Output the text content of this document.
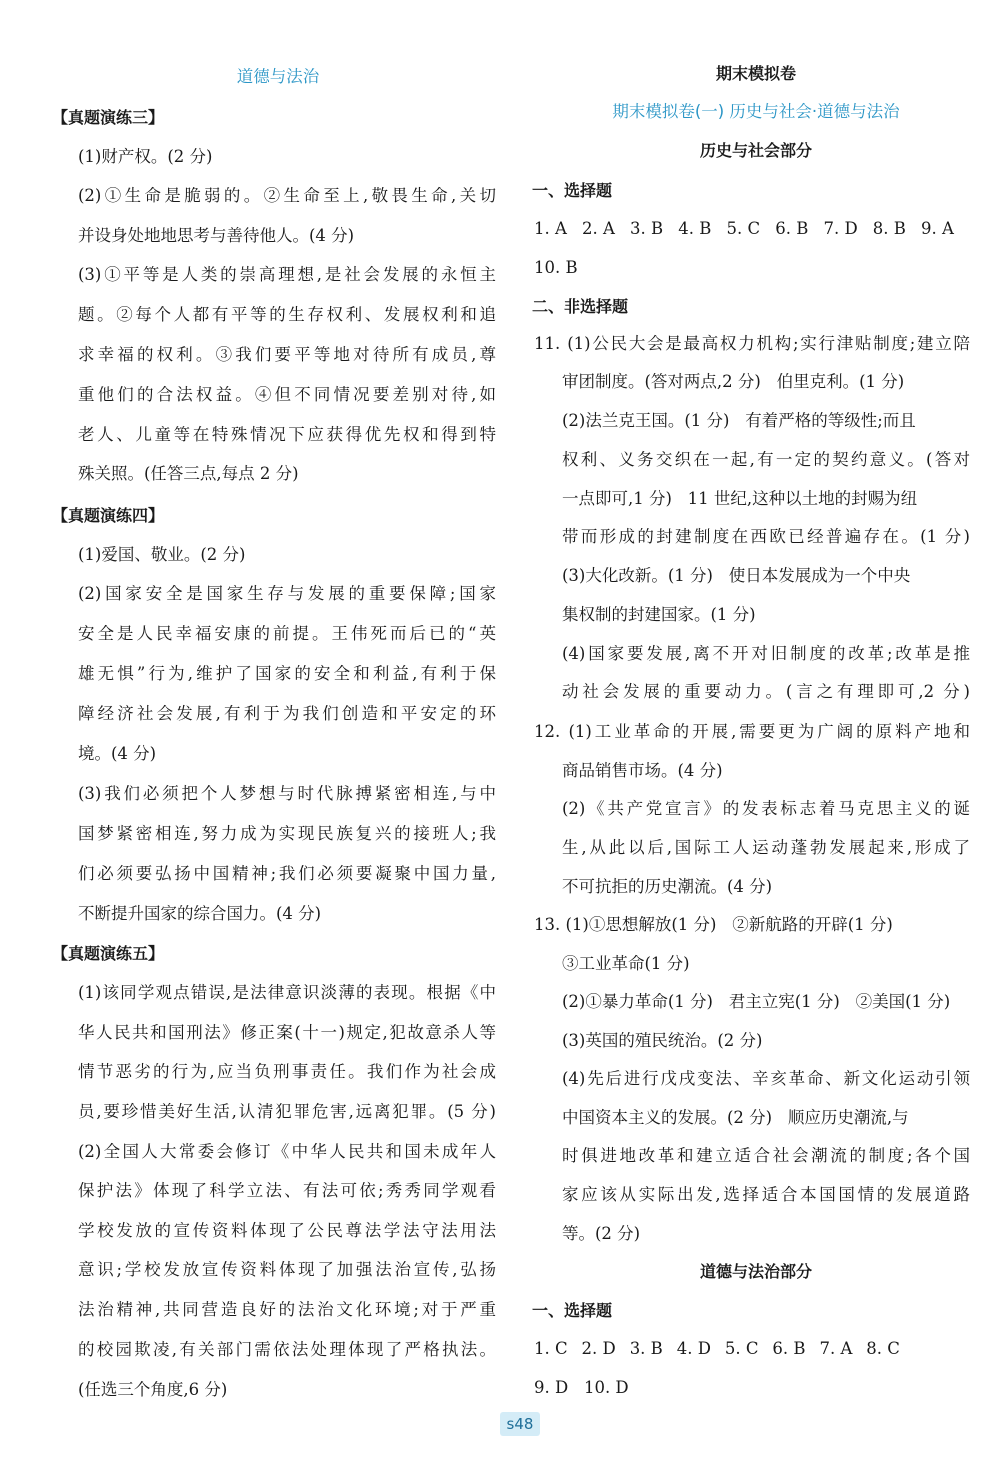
道德与法治
【真题演练三】
(1)财产权。(2 分)
(2)①生命是脆弱的。②生命至上,敬畏生命,关切
并设身处地地思考与善待他人。(4 分)
(3)①平等是人类的崇高理想,是社会发展的永恒主
题。②每个人都有平等的生存权利、发展权利和追
求幸福的权利。③我们要平等地对待所有成员,尊
重他们的合法权益。④但不同情况要差别对待,如
老人、儿童等在特殊情况下应获得优先权和得到特
殊关照。(任答三点,每点 2 分)
【真题演练四】
(1)爱国、敬业。(2 分)
(2)国家安全是国家生存与发展的重要保障;国家
安全是人民幸福安康的前提。王伟死而后已的“英
雄无惧”行为,维护了国家的安全和利益,有利于保
障经济社会发展,有利于为我们创造和平安定的环
境。(4 分)
(3)我们必须把个人梦想与时代脉搏紧密相连,与中
国梦紧密相连,努力成为实现民族复兴的接班人;我
们必须要弘扬中国精神;我们必须要凝聚中国力量,
不断提升国家的综合国力。(4 分)
【真题演练五】
(1)该同学观点错误,是法律意识淡薄的表现。根据《中
华人民共和国刑法》修正案(十一)规定,犯故意杀人等
情节恶劣的行为,应当负刑事责任。我们作为社会成
员,要珍惜美好生活,认清犯罪危害,远离犯罪。(5 分)
(2)全国人大常委会修订《中华人民共和国未成年人
保护法》体现了科学立法、有法可依;秀秀同学观看
学校发放的宣传资料体现了公民尊法学法守法用法
意识;学校发放宣传资料体现了加强法治宣传,弘扬
法治精神,共同营造良好的法治文化环境;对于严重
的校园欺凌,有关部门需依法处理体现了严格执法。
(任选三个角度,6 分)
期末模拟卷
期末模拟卷(一) 历史与社会·道德与法治
历史与社会部分
一、选择题
1. A 2. A 3. B 4. B 5. C 6. B 7. D 8. B 9. A
10. B
二、非选择题
11. (1)公民大会是最高权力机构;实行津贴制度;建立陪
审团制度。(答对两点,2 分)   伯里克利。(1 分)
(2)法兰克王国。(1 分)   有着严格的等级性;而且
权利、义务交织在一起,有一定的契约意义。(答对
一点即可,1 分)   11 世纪,这种以土地的封赐为纽
带而形成的封建制度在西欧已经普遍存在。(1 分)
(3)大化改新。(1 分)   使日本发展成为一个中央
集权制的封建国家。(1 分)
(4)国家要发展,离不开对旧制度的改革;改革是推
动社会发展的重要动力。(言之有理即可,2 分)
12. (1)工业革命的开展,需要更为广阔的原料产地和
商品销售市场。(4 分)
(2)《共产党宣言》的发表标志着马克思主义的诞
生,从此以后,国际工人运动蓬勃发展起来,形成了
不可抗拒的历史潮流。(4 分)
13. (1)①思想解放(1 分)   ②新航路的开辟(1 分)
③工业革命(1 分)
(2)①暴力革命(1 分)   君主立宪(1 分)   ②美国(1 分)
(3)英国的殖民统治。(2 分)
(4)先后进行戊戌变法、辛亥革命、新文化运动引领
中国资本主义的发展。(2 分)   顺应历史潮流,与
时俱进地改革和建立适合社会潮流的制度;各个国
家应该从实际出发,选择适合本国国情的发展道路
等。(2 分)
道德与法治部分
一、选择题
1. C 2. D 3. B 4. D 5. C 6. B 7. A 8. C
9. D   10. D
s48
